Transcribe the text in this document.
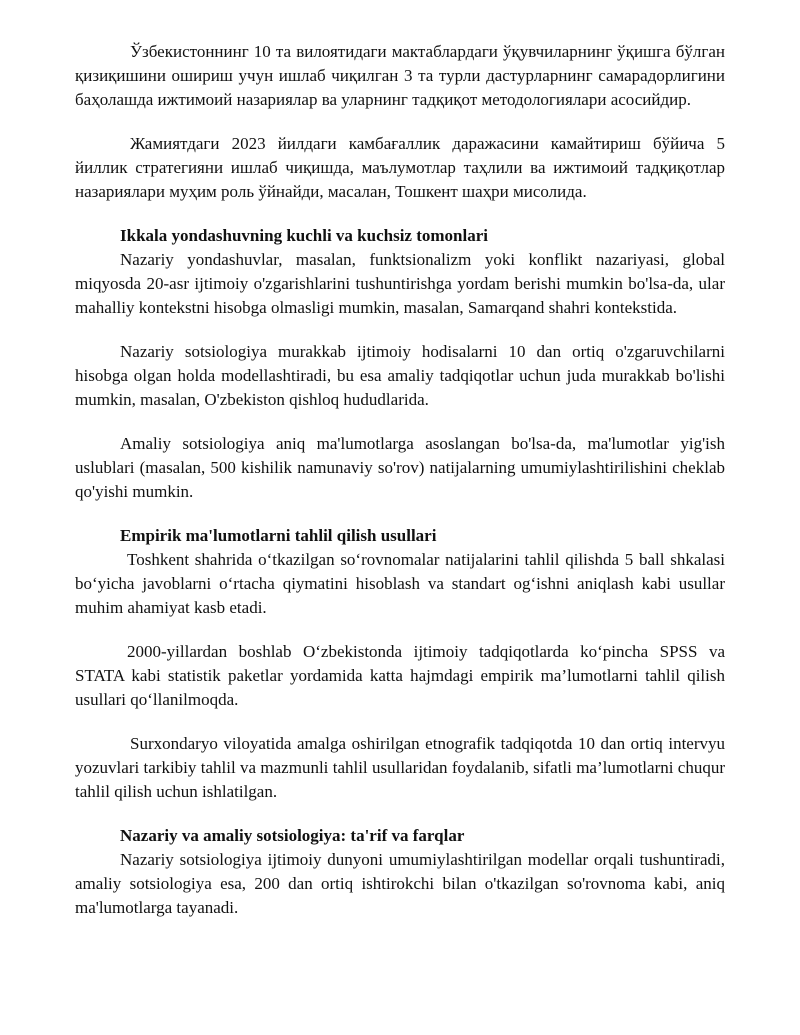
Ўзбекистоннинг 10 та вилоятидаги мактаблардаги ўқувчиларнинг ўқишга бўлган қизиқишини ошириш учун ишлаб чиқилган 3 та турли дастурларнинг самарадорлигини баҳолашда ижтимоий назариялар ва уларнинг тадқиқот методологиялари асосийдир.

Жамиятдаги 2023 йилдаги камбағаллик даражасини камайтириш бўйича 5 йиллик стратегияни ишлаб чиқишда, маълумотлар таҳлили ва ижтимоий тадқиқотлар назариялари муҳим роль ўйнайди, масалан, Тошкент шаҳри мисолида.

Ikkala yondashuvning kuchli va kuchsiz tomonlari

Nazariy yondashuvlar, masalan, funktsionalizm yoki konflikt nazariyasi, global miqyosda 20-asr ijtimoiy o'zgarishlarini tushuntirishga yordam berishi mumkin bo'lsa-da, ular mahalliy kontekstni hisobga olmasligi mumkin, masalan, Samarqand shahri kontekstida.

Nazariy sotsiologiya murakkab ijtimoiy hodisalarni 10 dan ortiq o'zgaruvchilarni hisobga olgan holda modellashtiradi, bu esa amaliy tadqiqotlar uchun juda murakkab bo'lishi mumkin, masalan, O'zbekiston qishloq hududlarida.

Amaliy sotsiologiya aniq ma'lumotlarga asoslangan bo'lsa-da, ma'lumotlar yig'ish uslublari (masalan, 500 kishilik namunaviy so'rov) natijalarning umumiylashtirilishini cheklab qo'yishi mumkin.

Empirik ma'lumotlarni tahlil qilish usullari

Toshkent shahrida o‘tkazilgan so‘rovnomalar natijalarini tahlil qilishda 5 ball shkalasi bo‘yicha javoblarni o‘rtacha qiymatini hisoblash va standart og‘ishni aniqlash kabi usullar muhim ahamiyat kasb etadi.

2000-yillardan boshlab O‘zbekistonda ijtimoiy tadqiqotlarda ko‘pincha SPSS va STATA kabi statistik paketlar yordamida katta hajmdagi empirik ma’lumotlarni tahlil qilish usullari qo‘llanilmoqda.

Surxondaryo viloyatida amalga oshirilgan etnografik tadqiqotda 10 dan ortiq intervyu yozuvlari tarkibiy tahlil va mazmunli tahlil usullaridan foydalanib, sifatli ma’lumotlarni chuqur tahlil qilish uchun ishlatilgan.

Nazariy va amaliy sotsiologiya: ta'rif va farqlar

Nazariy sotsiologiya ijtimoiy dunyoni umumiylashtirilgan modellar orqali tushuntiradi, amaliy sotsiologiya esa, 200 dan ortiq ishtirokchi bilan o'tkazilgan so'rovnoma kabi, aniq ma'lumotlarga tayanadi.
